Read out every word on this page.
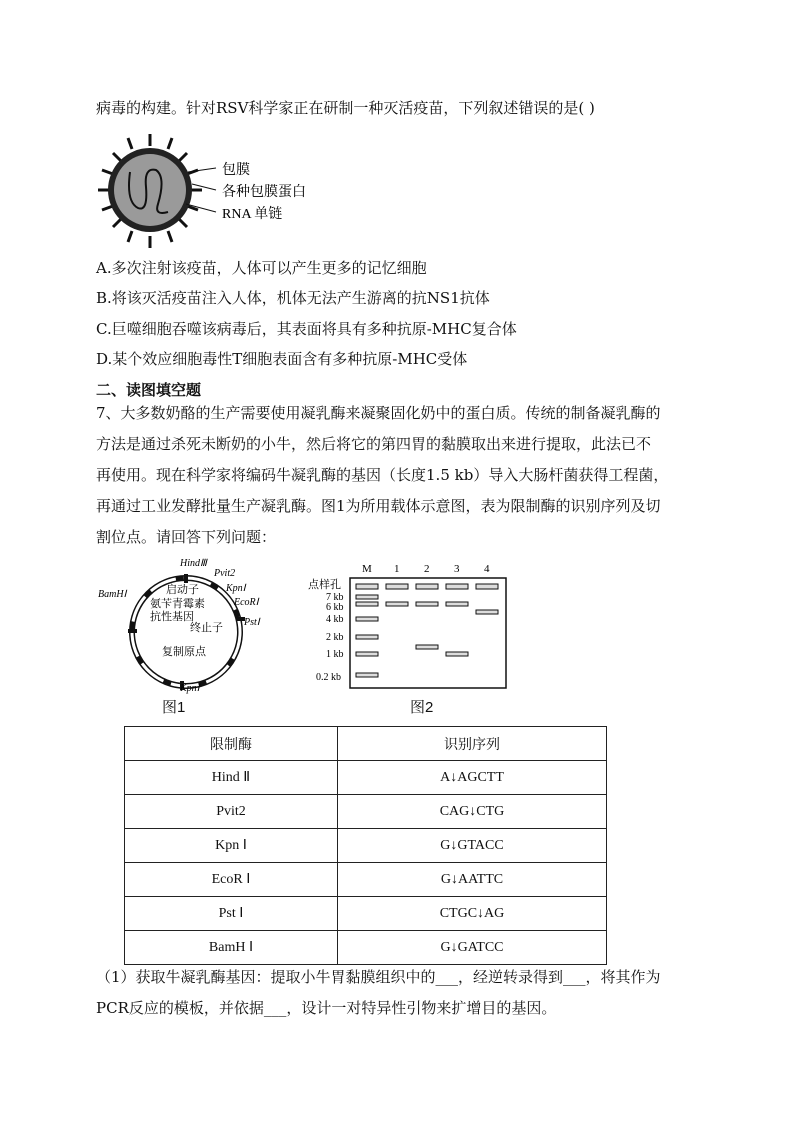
病毒的构建。针对RSV科学家正在研制一种灭活疫苗，下列叙述错误的是( )
包膜
各种包膜蛋白
RNA 单链
A.多次注射该疫苗，人体可以产生更多的记忆细胞
B.将该灭活疫苗注入人体，机体无法产生游离的抗NS1抗体
C.巨噬细胞吞噬该病毒后，其表面将具有多种抗原-MHC复合体
D.某个效应细胞毒性T细胞表面含有多种抗原-MHC受体
二、读图填空题
7、大多数奶酪的生产需要使用凝乳酶来凝聚固化奶中的蛋白质。传统的制备凝乳酶的
方法是通过杀死未断奶的小牛，然后将它的第四胃的黏膜取出来进行提取，此法已不
再使用。现在科学家将编码牛凝乳酶的基因（长度1.5 kb）导入大肠杆菌获得工程菌，
再通过工业发酵批量生产凝乳酶。图1为所用载体示意图，表为限制酶的识别序列及切
割位点。请回答下列问题：
HindⅢ
Pvit2
KpnⅠ
EcoRⅠ
BamHⅠ
PstⅠ
KpnⅠ
启动子
氨苄青霉素
抗性基因
终止子
复制原点
图1
M 1 2 3 4
点样孔
7 kb
6 kb
4 kb
2 kb
1 kb
0.2 kb
图2
限制酶	识别序列
Hind Ⅱ	A↓AGCTT
Pvit2	CAG↓CTG
Kpn Ⅰ	G↓GTACC
EcoR Ⅰ	G↓AATTC
Pst Ⅰ	CTGC↓AG
BamH Ⅰ	G↓GATCC
（1）获取牛凝乳酶基因：提取小牛胃黏膜组织中的___，经逆转录得到___，将其作为
PCR反应的模板，并依据___，设计一对特异性引物来扩增目的基因。
